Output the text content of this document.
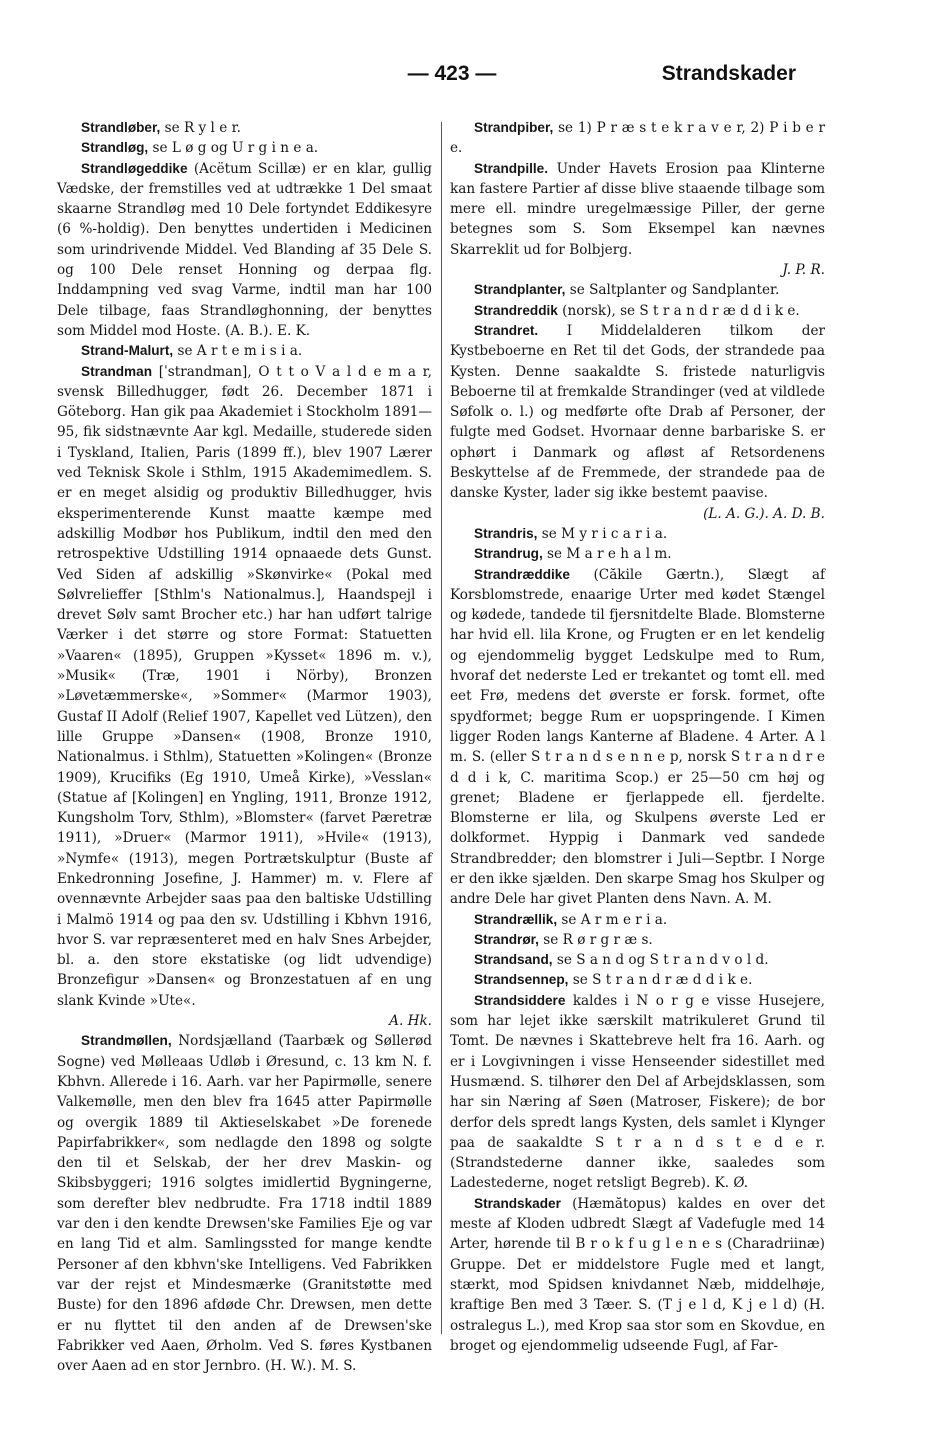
— 423 —	Strandskader

Strandløber, se R y l e r.

Strandløg, se L ø g og U r g i n e a.

Strandløgeddike (Acëtum Scillæ) er en klar, gullig Vædske, der fremstilles ved at udtrække 1 Del smaat skaarne Strandløg med 10 Dele fortyndet Eddikesyre (6 %-holdig). Den benyttes undertiden i Medicinen som urindrivende Middel. Ved Blanding af 35 Dele S. og 100 Dele renset Honning og derpaa flg. Inddampning ved svag Varme, indtil man har 100 Dele tilbage, faas Strandløghonning, der benyttes som Middel mod Hoste. (A. B.). E. K.

Strand-Malurt, se A r t e m i s i a.

Strandman [ˈstrandman], O t t o V a l d e m a r, svensk Billedhugger, født 26. December 1871 i Göteborg. Han gik paa Akademiet i Stockholm 1891—95, fik sidstnævnte Aar kgl. Medaille, studerede siden i Tyskland, Italien, Paris (1899 ff.), blev 1907 Lærer ved Teknisk Skole i Sthlm, 1915 Akademimedlem. S. er en meget alsidig og produktiv Billedhugger, hvis eksperimenterende Kunst maatte kæmpe med adskillig Modbør hos Publikum, indtil den med den retrospektive Udstilling 1914 opnaaede dets Gunst. Ved Siden af adskillig »Skønvirke« (Pokal med Sølvrelieffer [Sthlm's Nationalmus.], Haandspejl i drevet Sølv samt Brocher etc.) har han udført talrige Værker i det større og store Format: Statuetten »Vaaren« (1895), Gruppen »Kysset« 1896 m. v.), »Musik« (Træ, 1901 i Nörby), Bronzen »Løvetæmmerske«, »Sommer« (Marmor 1903), Gustaf II Adolf (Relief 1907, Kapellet ved Lützen), den lille Gruppe »Dansen« (1908, Bronze 1910, Nationalmus. i Sthlm), Statuetten »Kolingen« (Bronze 1909), Krucifiks (Eg 1910, Umeå Kirke), »Vesslan« (Statue af [Kolingen] en Yngling, 1911, Bronze 1912, Kungsholm Torv, Sthlm), »Blomster« (farvet Pæretræ 1911), »Druer« (Marmor 1911), »Hvile« (1913), »Nymfe« (1913), megen Portrætskulptur (Buste af Enkedronning Josefine, J. Hammer) m. v. Flere af ovennævnte Arbejder saas paa den baltiske Udstilling i Malmö 1914 og paa den sv. Udstilling i Kbhvn 1916, hvor S. var repræsenteret med en halv Snes Arbejder, bl. a. den store ekstatiske (og lidt udvendige) Bronzefigur »Dansen« og Bronzestatuen af en ung slank Kvinde »Ute«.

A. Hk.

Strandmøllen, Nordsjælland (Taarbæk og Søllerød Sogne) ved Mølleaas Udløb i Øresund, c. 13 km N. f. Kbhvn. Allerede i 16. Aarh. var her Papirmølle, senere Valkemølle, men den blev fra 1645 atter Papirmølle og overgik 1889 til Aktieselskabet »De forenede Papirfabrikker«, som nedlagde den 1898 og solgte den til et Selskab, der her drev Maskin- og Skibsbyggeri; 1916 solgtes imidlertid Bygningerne, som derefter blev nedbrudte. Fra 1718 indtil 1889 var den i den kendte Drewsen'ske Families Eje og var en lang Tid et alm. Samlingssted for mange kendte Personer af den kbhvn'ske Intelligens. Ved Fabrikken var der rejst et Mindesmærke (Granitstøtte med Buste) for den 1896 afdøde Chr. Drewsen, men dette er nu flyttet til den anden af de Drewsen'ske Fabrikker ved Aaen, Ørholm. Ved S. føres Kystbanen over Aaen ad en stor Jernbro. (H. W.). M. S.

Strandpiber, se 1) P r æ s t e k r a v e r, 2) P i b e r e.

Strandpille. Under Havets Erosion paa Klinterne kan fastere Partier af disse blive staaende tilbage som mere ell. mindre uregelmæssige Piller, der gerne betegnes som S. Som Eksempel kan nævnes Skarreklit ud for Bolbjerg.

J. P. R.

Strandplanter, se Saltplanter og Sandplanter.

Strandreddik (norsk), se S t r a n d r æ d d i k e.

Strandret. I Middelalderen tilkom der Kystbeboerne en Ret til det Gods, der strandede paa Kysten. Denne saakaldte S. fristede naturligvis Beboerne til at fremkalde Strandinger (ved at vildlede Søfolk o. l.) og medførte ofte Drab af Personer, der fulgte med Godset. Hvornaar denne barbariske S. er ophørt i Danmark og afløst af Retsordenens Beskyttelse af de Fremmede, der strandede paa de danske Kyster, lader sig ikke bestemt paavise.

(L. A. G.). A. D. B.

Strandris, se M y r i c a r i a.

Strandrug, se M a r e h a l m.

Strandræddike (Căkile Gærtn.), Slægt af Korsblomstrede, enaarige Urter med kødet Stængel og kødede, tandede til fjersnitdelte Blade. Blomsterne har hvid ell. lila Krone, og Frugten er en let kendelig og ejendommelig bygget Ledskulpe med to Rum, hvoraf det nederste Led er trekantet og tomt ell. med eet Frø, medens det øverste er forsk. formet, ofte spydformet; begge Rum er uopspringende. I Kimen ligger Roden langs Kanterne af Bladene. 4 Arter. A l m. S. (eller S t r a n d s e n n e p, norsk S t r a n d r e d d i k, C. maritima Scop.) er 25—50 cm høj og grenet; Bladene er fjerlappede ell. fjerdelte. Blomsterne er lila, og Skulpens øverste Led er dolkformet. Hyppig i Danmark ved sandede Strandbredder; den blomstrer i Juli—Septbr. I Norge er den ikke sjælden. Den skarpe Smag hos Skulper og andre Dele har givet Planten dens Navn. A. M.

Strandrællik, se A r m e r i a.

Strandrør, se R ø r g r æ s.

Strandsand, se S a n d og S t r a n d v o l d.

Strandsennep, se S t r a n d r æ d d i k e.

Strandsiddere kaldes i N o r g e visse Husejere, som har lejet ikke særskilt matrikuleret Grund til Tomt. De nævnes i Skattebreve helt fra 16. Aarh. og er i Lovgivningen i visse Henseender sidestillet med Husmænd. S. tilhører den Del af Arbejdsklassen, som har sin Næring af Søen (Matroser, Fiskere); de bor derfor dels spredt langs Kysten, dels samlet i Klynger paa de saakaldte S t r a n d s t e d e r. (Strandstederne danner ikke, saaledes som Ladestederne, noget retsligt Begreb). K. Ø.

Strandskader (Hæmătopus) kaldes en over det meste af Kloden udbredt Slægt af Vadefugle med 14 Arter, hørende til B r o k f u g l e n e s (Charadriinæ) Gruppe. Det er middelstore Fugle med et langt, stærkt, mod Spidsen knivdannet Næb, middelhøje, kraftige Ben med 3 Tæer. S. (T j e l d, K j e l d) (H. ostralegus L.), med Krop saa stor som en Skovdue, en broget og ejendommelig udseende Fugl, af Far-
